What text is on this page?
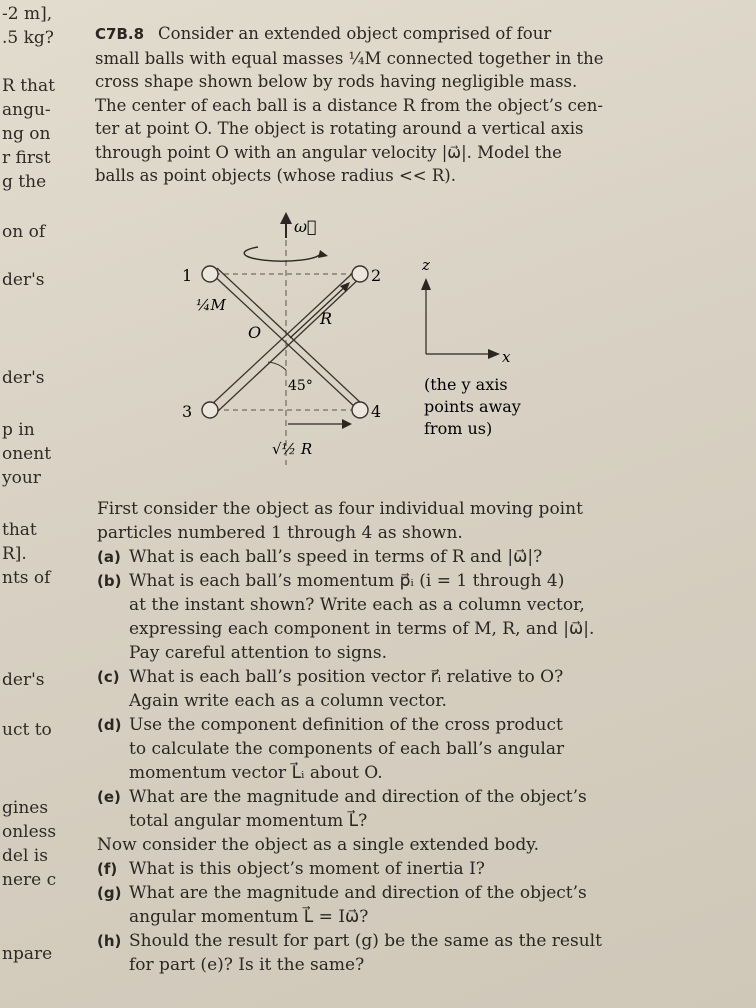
-2 m],
.5 kg?
R that
angu-
ng on
r first
g the
on of
der's
der's
p in
onent
your
that
R].
nts of
der's
uct to
gines
onless
del is
nere c
npare
C7B.8 Consider an extended object comprised of four
small balls with equal masses ¼M connected together in the
cross shape shown below by rods having negligible mass.
The center of each ball is a distance R from the object’s cen-
ter at point O. The object is rotating around a vertical axis
through point O with an angular velocity |ω⃗|. Model the
balls as point objects (whose radius << R).
ω⃗
1	2
3	4
¼M
R
O
45°
√½ R
z
x
(the y axis
points away
from us)
First consider the object as four individual moving point
particles numbered 1 through 4 as shown.
(a) What is each ball’s speed in terms of R and |ω⃗|?
(b) What is each ball’s momentum p⃗ᵢ (i = 1 through 4)
at the instant shown? Write each as a column vector,
expressing each component in terms of M, R, and |ω⃗|.
Pay careful attention to signs.
(c) What is each ball’s position vector r⃗ᵢ relative to O?
Again write each as a column vector.
(d) Use the component definition of the cross product
to calculate the components of each ball’s angular
momentum vector L⃗ᵢ about O.
(e) What are the magnitude and direction of the object’s
total angular momentum L⃗?
Now consider the object as a single extended body.
(f) What is this object’s moment of inertia I?
(g) What are the magnitude and direction of the object’s
angular momentum L⃗ = Iω⃗?
(h) Should the result for part (g) be the same as the result
for part (e)? Is it the same?
